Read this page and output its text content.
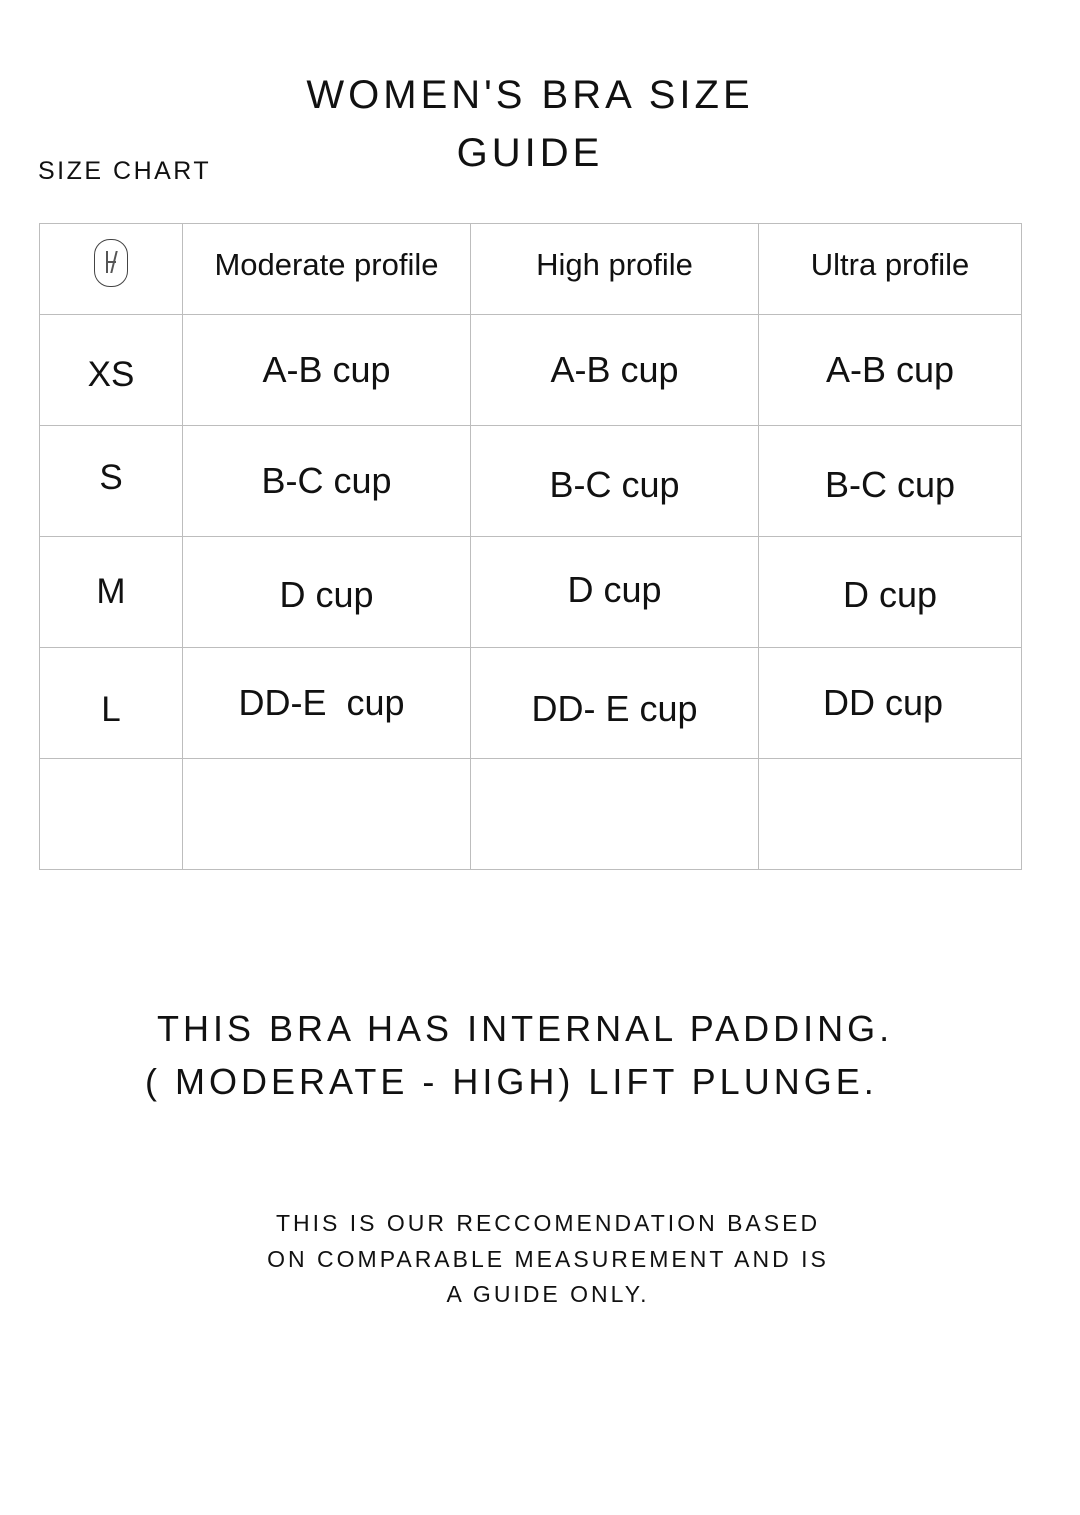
WOMEN'S BRA SIZE
GUIDE

SIZE CHART

	Moderate profile	High profile	Ultra profile
XS	A-B cup	A-B cup	A-B cup
S	B-C cup	B-C cup	B-C cup
M	D cup	D cup	D cup
L	DD-E  cup	DD- E cup	DD cup

THIS BRA HAS INTERNAL PADDING.

( MODERATE - HIGH) LIFT PLUNGE.

THIS IS OUR RECCOMENDATION BASED
ON COMPARABLE MEASUREMENT AND IS
A GUIDE ONLY.
